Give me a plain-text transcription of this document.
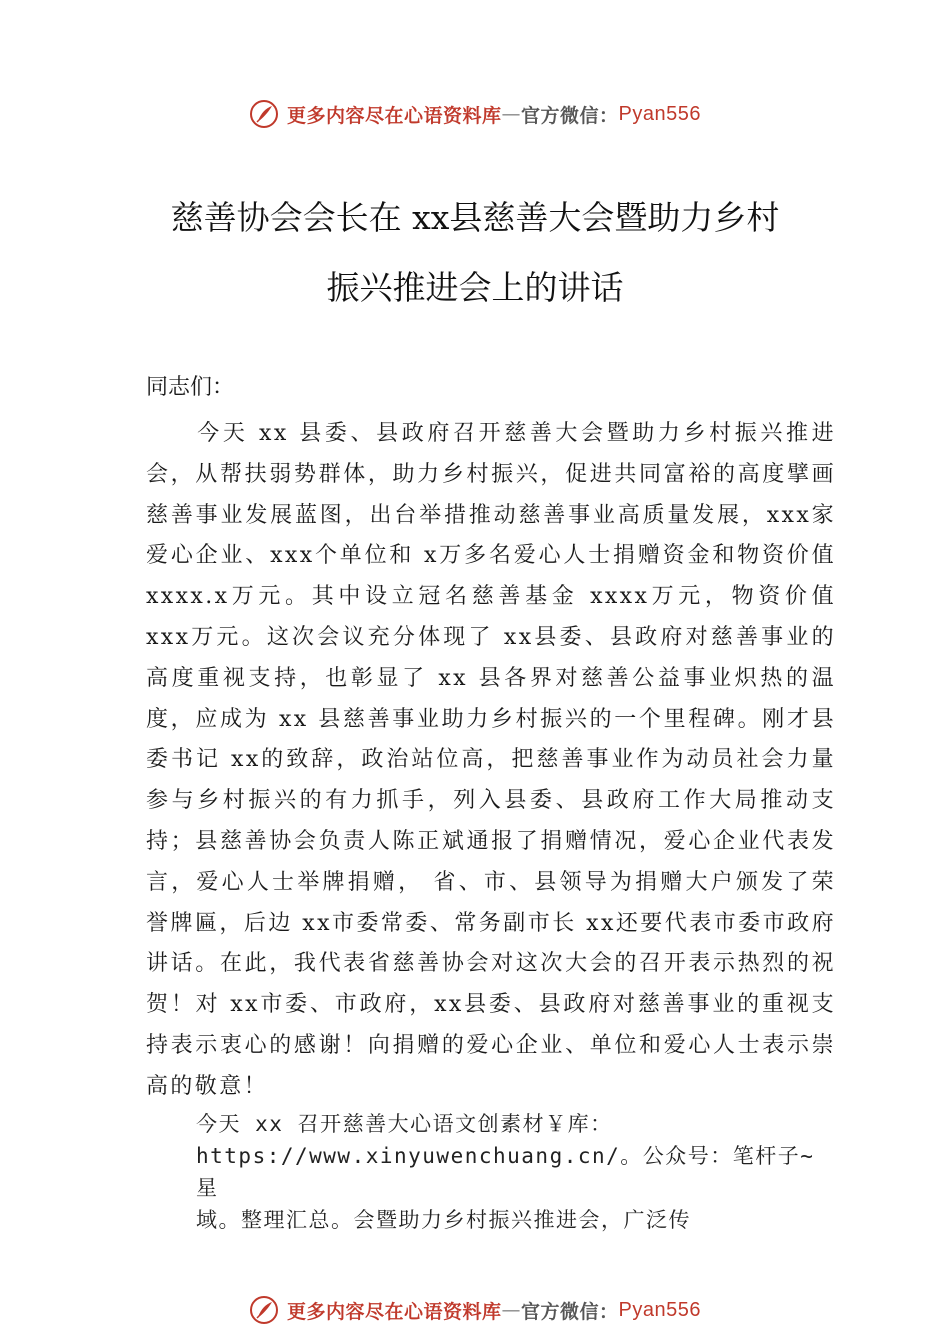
更多内容尽在心语资料库 — 官方微信： Pyan556
慈善协会会长在 xx县慈善大会暨助力乡村
振兴推进会上的讲话
同志们：
今天 xx 县委、县政府召开慈善大会暨助力乡村振兴推进会，从帮扶弱势群体，助力乡村振兴，促进共同富裕的高度擘画慈善事业发展蓝图，出台举措推动慈善事业高质量发展，xxx家爱心企业、xxx个单位和 x万多名爱心人士捐赠资金和物资价值 xxxx.x万元。其中设立冠名慈善基金 xxxx万元，物资价值 xxx万元。这次会议充分体现了 xx县委、县政府对慈善事业的高度重视支持，也彰显了 xx 县各界对慈善公益事业炽热的温度，应成为 xx 县慈善事业助力乡村振兴的一个里程碑。刚才县委书记 xx的致辞，政治站位高，把慈善事业作为动员社会力量参与乡村振兴的有力抓手，列入县委、县政府工作大局推动支持；县慈善协会负责人陈正斌通报了捐赠情况，爱心企业代表发言，爱心人士举牌捐赠， 省、市、县领导为捐赠大户颁发了荣誉牌匾，后边 xx市委常委、常务副市长 xx还要代表市委市政府讲话。在此，我代表省慈善协会对这次大会的召开表示热烈的祝贺！对 xx市委、市政府，xx县委、县政府对慈善事业的重视支持表示衷心的感谢！向捐赠的爱心企业、单位和爱心人士表示崇高的敬意！
今天 xx 召开慈善大心语文创素材￥库：
https://www.xinyuwenchuang.cn/。公众号：笔杆子~星
域。整理汇总。会暨助力乡村振兴推进会，广泛传
更多内容尽在心语资料库 — 官方微信： Pyan556
